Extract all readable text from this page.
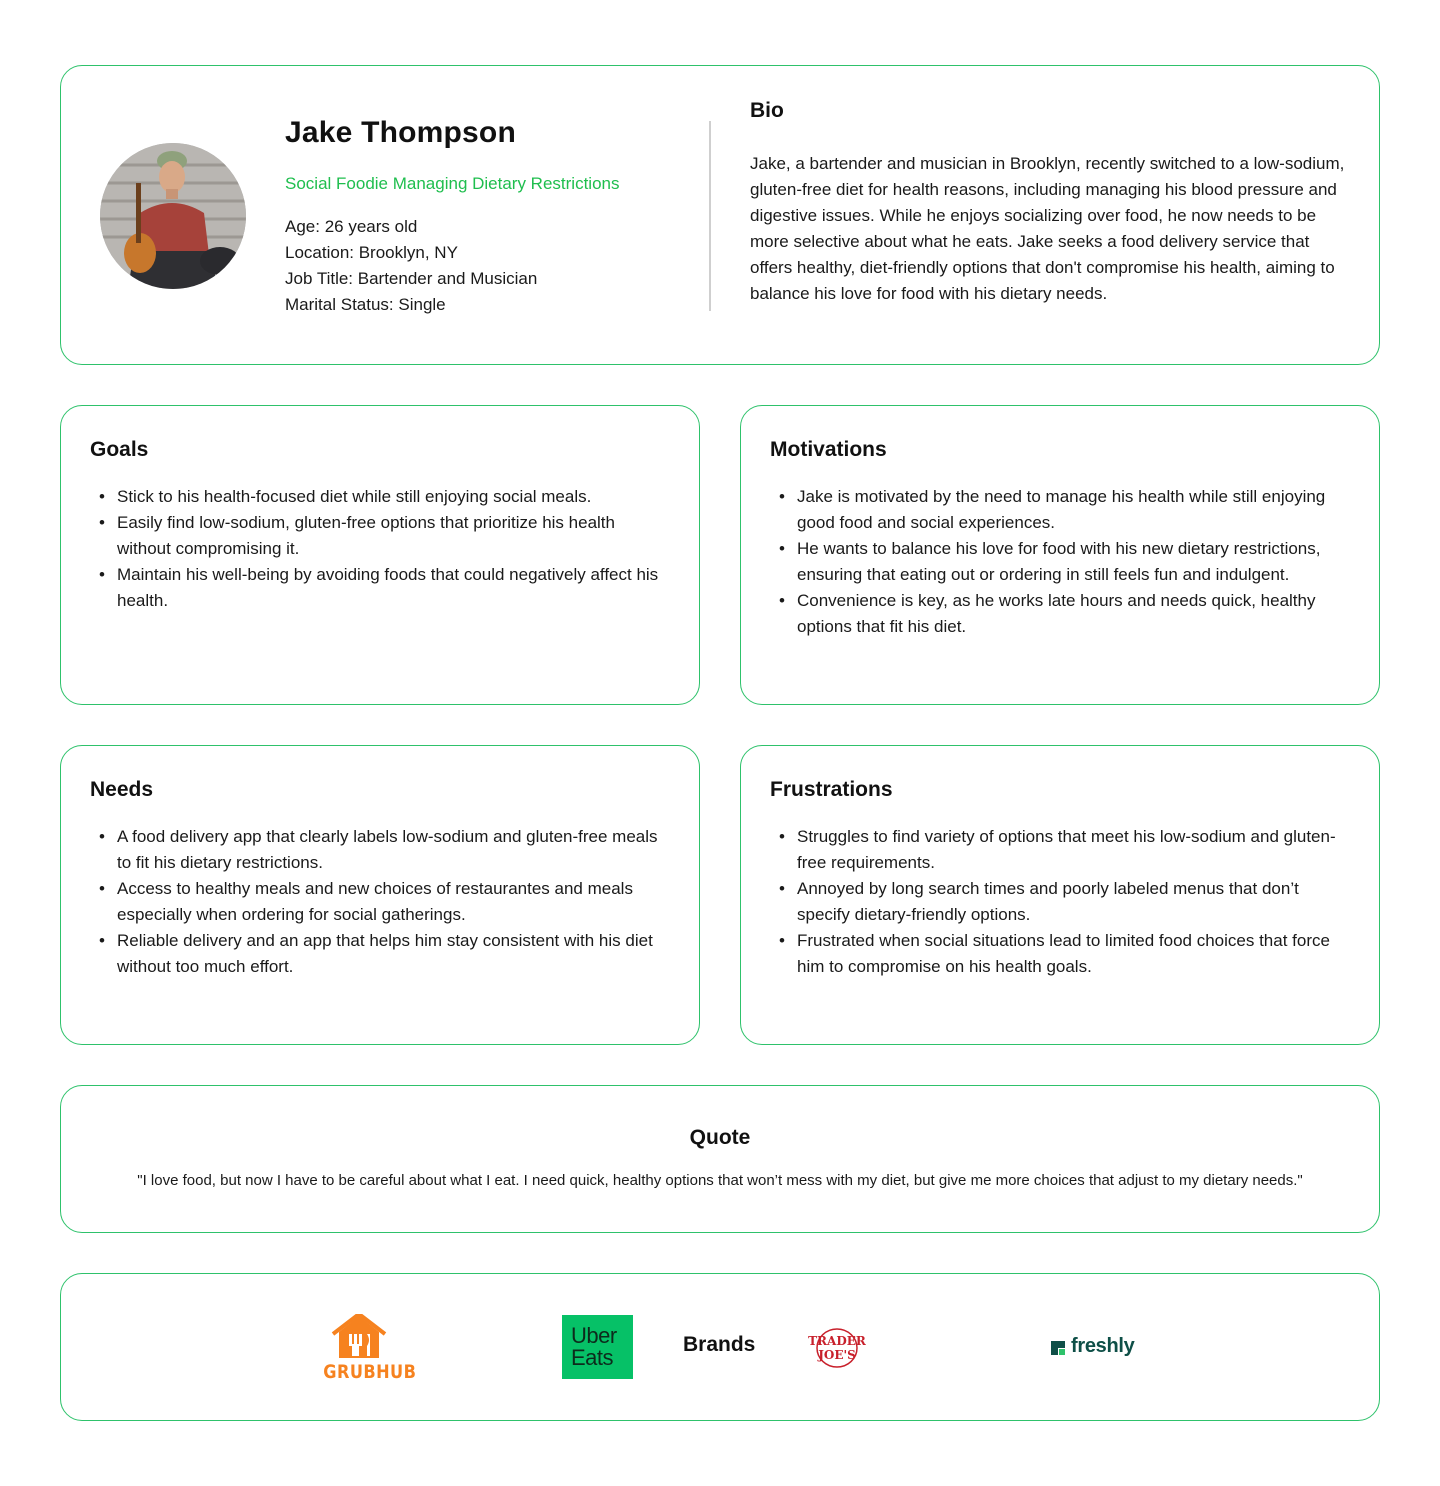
Jake Thompson
Social Foodie Managing Dietary Restrictions
Age: 26 years old
Location: Brooklyn, NY
Job Title: Bartender and Musician
Marital Status: Single
Bio
Jake, a bartender and musician in Brooklyn, recently switched to a low-sodium, gluten-free diet for health reasons, including managing his blood pressure and digestive issues. While he enjoys socializing over food, he now needs to be more selective about what he eats. Jake seeks a food delivery service that offers healthy, diet-friendly options that don't compromise his health, aiming to balance his love for food with his dietary needs.
Goals
• Stick to his health-focused diet while still enjoying social meals.
• Easily find low-sodium, gluten-free options that prioritize his health without compromising it.
• Maintain his well-being by avoiding foods that could negatively affect his health.
Motivations
• Jake is motivated by the need to manage his health while still enjoying good food and social experiences.
• He wants to balance his love for food with his new dietary restrictions, ensuring that eating out or ordering in still feels fun and indulgent.
• Convenience is key, as he works late hours and needs quick, healthy options that fit his diet.
Needs
• A food delivery app that clearly labels low-sodium and gluten-free meals to fit his dietary restrictions.
• Access to healthy meals and new choices of restaurantes and meals especially when ordering for social gatherings.
• Reliable delivery and an app that helps him stay consistent with his diet without too much effort.
Frustrations
• Struggles to find variety of options that meet his low-sodium and gluten-free requirements.
• Annoyed by long search times and poorly labeled menus that don’t specify dietary-friendly options.
• Frustrated when social situations lead to limited food choices that force him to compromise on his health goals.
Quote
"I love food, but now I have to be careful about what I eat. I need quick, healthy options that won’t mess with my diet, but give me more choices that adjust to my dietary needs."
GRUBHUB
Uber
Eats
Brands	TRADER
JOE'S	freshly
